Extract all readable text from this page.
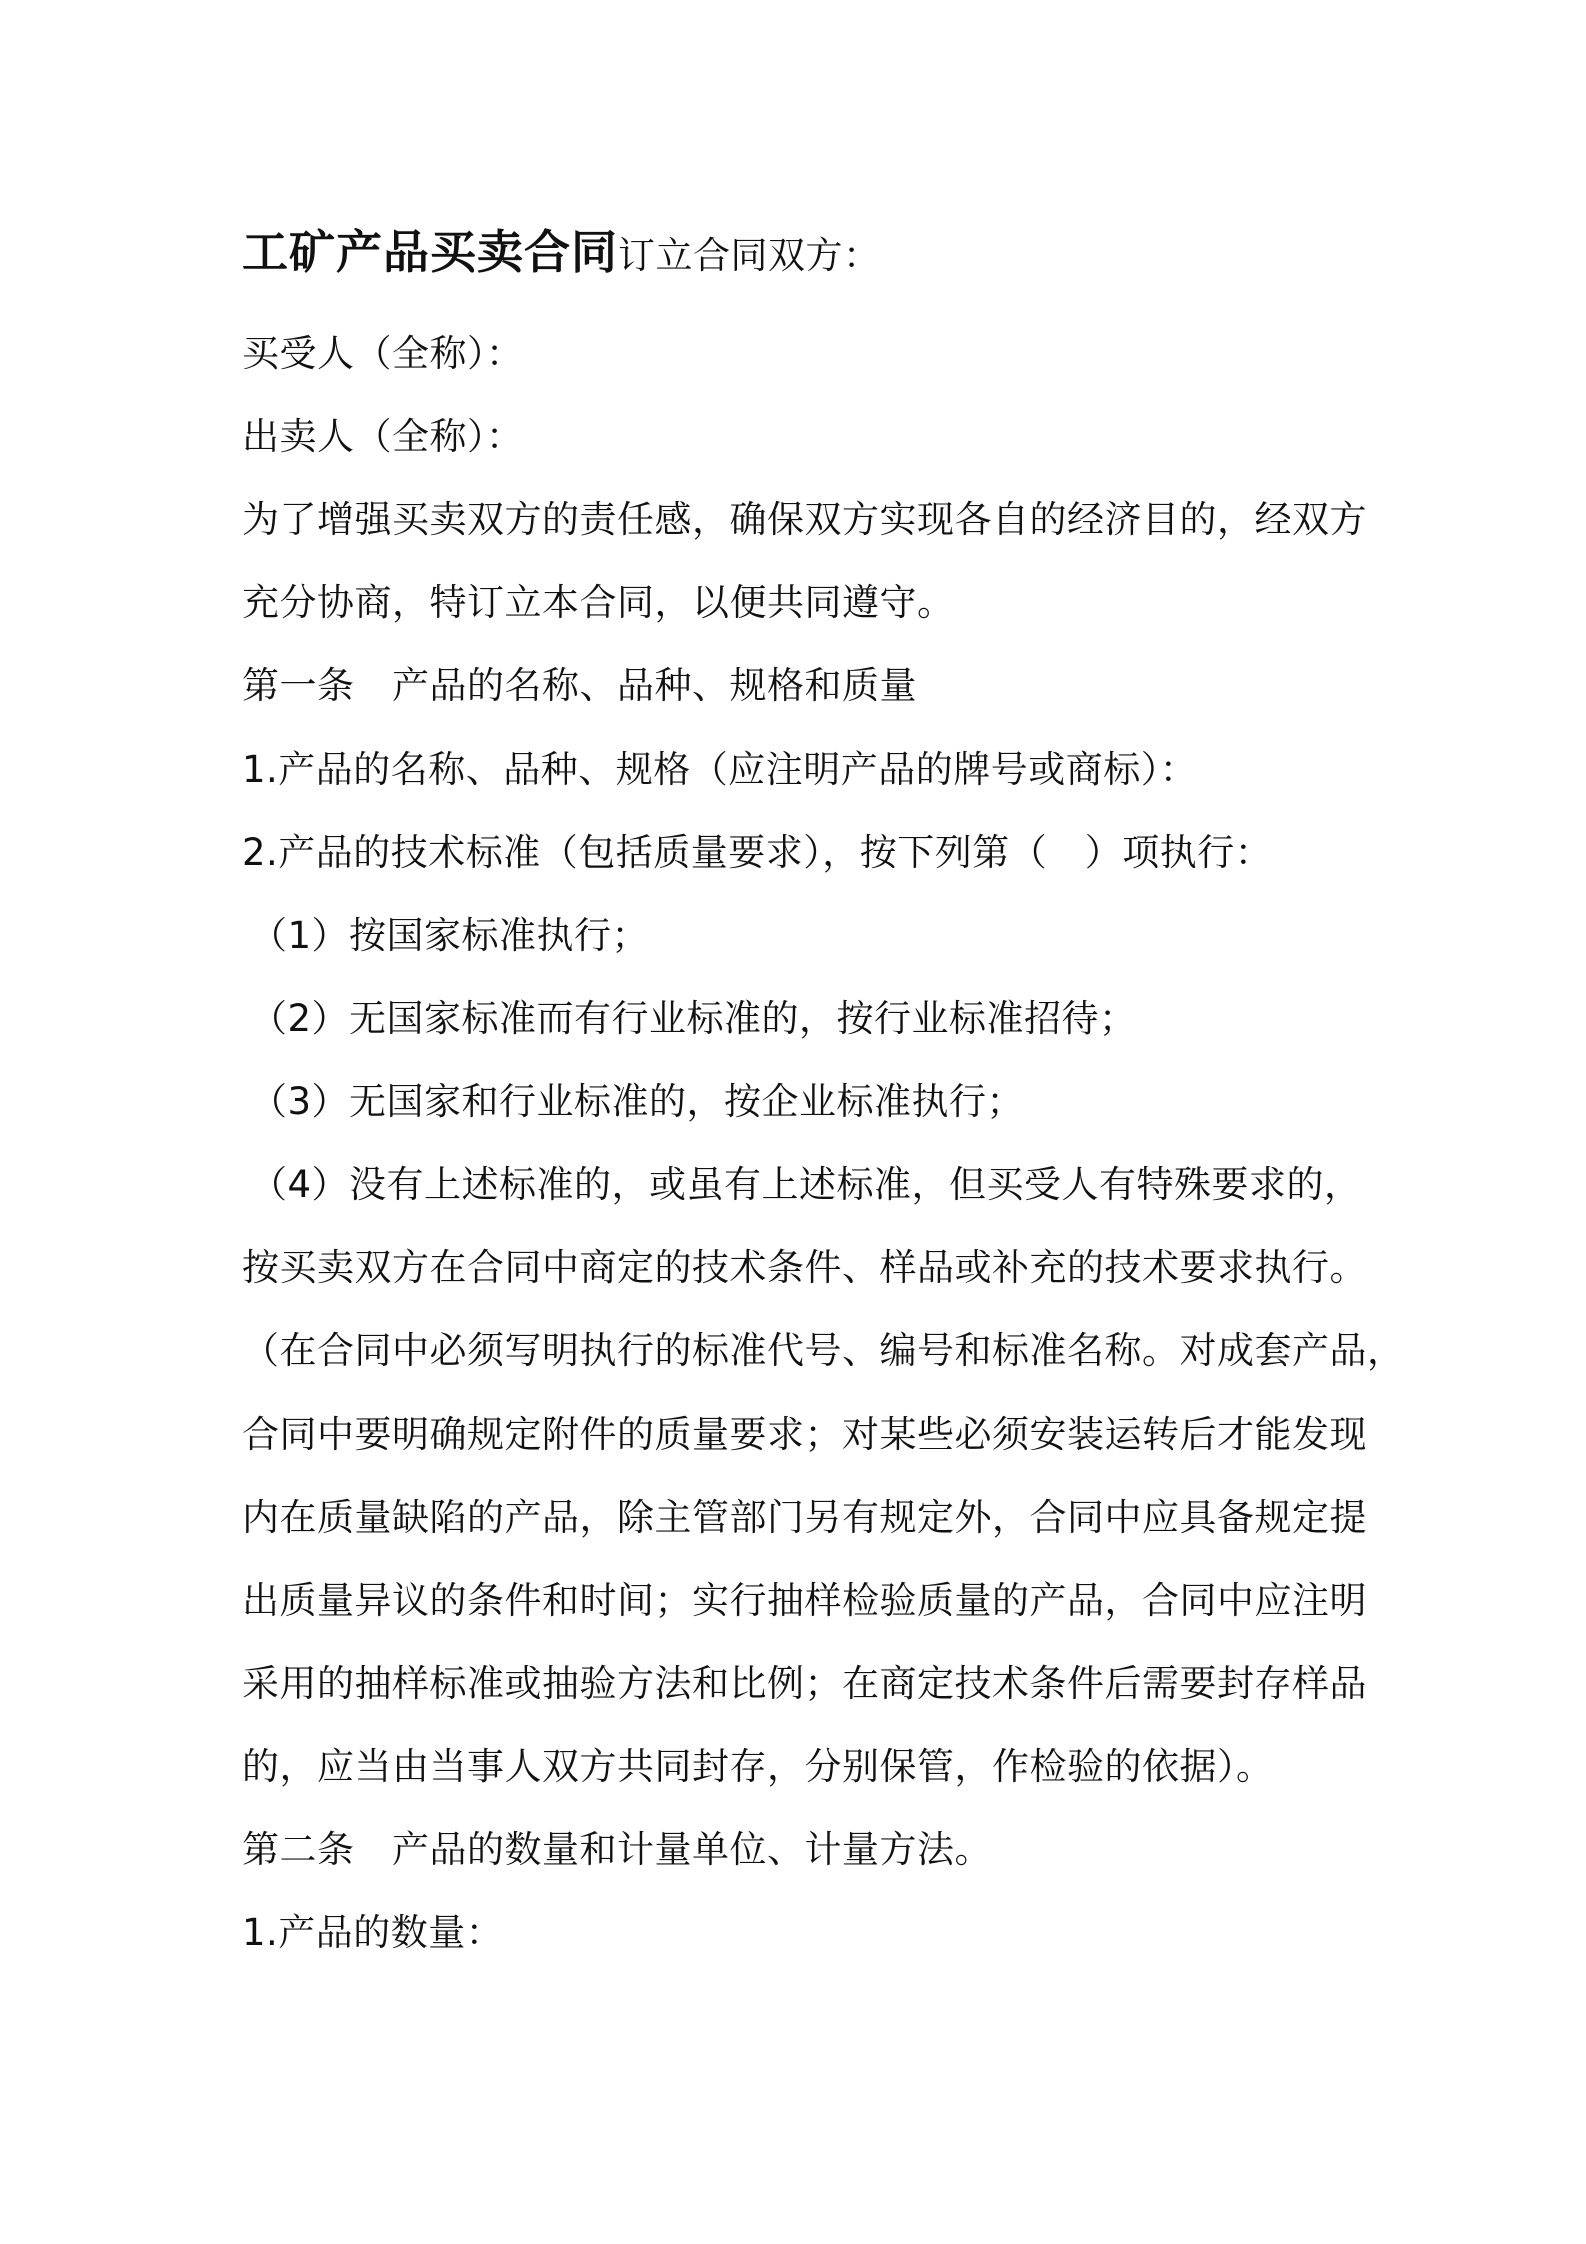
工矿产品买卖合同订立合同双方：
买受人（全称）：
出卖人（全称）：
为了增强买卖双方的责任感，确保双方实现各自的经济目的，经双方
充分协商，特订立本合同，以便共同遵守。
第一条　产品的名称、品种、规格和质量
1.产品的名称、品种、规格（应注明产品的牌号或商标）：
2.产品的技术标准（包括质量要求），按下列第（　）项执行：
（1）按国家标准执行；
（2）无国家标准而有行业标准的，按行业标准招待；
（3）无国家和行业标准的，按企业标准执行；
（4）没有上述标准的，或虽有上述标准，但买受人有特殊要求的，
按买卖双方在合同中商定的技术条件、样品或补充的技术要求执行。
（在合同中必须写明执行的标准代号、编号和标准名称。对成套产品，
合同中要明确规定附件的质量要求；对某些必须安装运转后才能发现
内在质量缺陷的产品，除主管部门另有规定外，合同中应具备规定提
出质量异议的条件和时间；实行抽样检验质量的产品，合同中应注明
采用的抽样标准或抽验方法和比例；在商定技术条件后需要封存样品
的，应当由当事人双方共同封存，分别保管，作检验的依据）。
第二条　产品的数量和计量单位、计量方法。
1.产品的数量：
